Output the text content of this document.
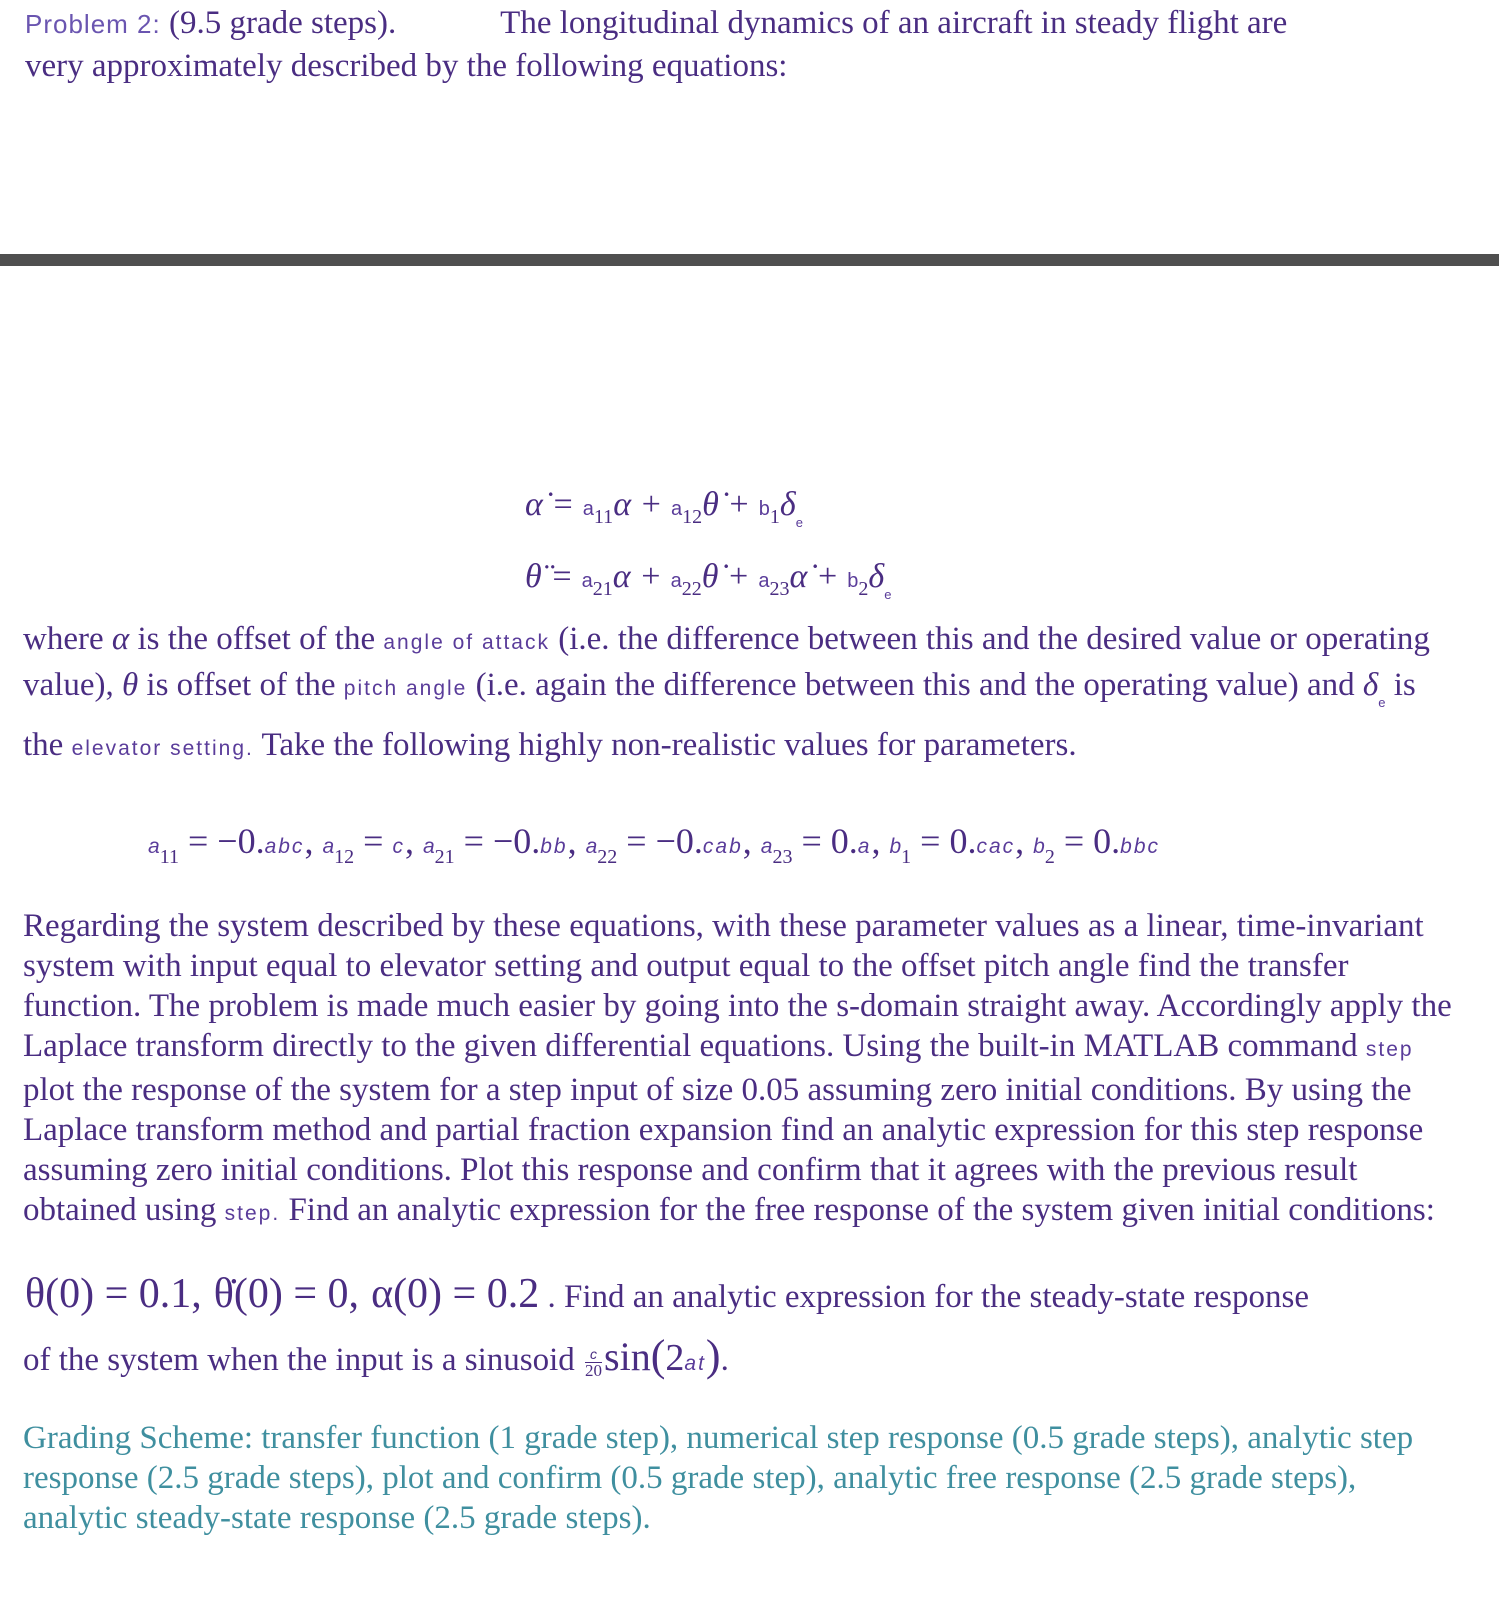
Problem 2: (9.5 grade steps).	The longitudinal dynamics of an aircraft in steady flight are
very approximately described by the following equations:
α̇ = $a_{11}\alpha$ + $a_{12}\thetȧ + b_1\delta_e$
θ̈ = $a_{21}\alpha$ + $a_{22}\thetȧ$ + $a_{23}\alphȧ + b_2\delta_e$
where α is the offset of the angle of attack (i.e. the difference between this and the desired value or operating value), θ is offset of the pitch angle (i.e. again the difference between this and the operating value) and $\delta_e$ is the elevator setting. Take the following highly non-realistic values for parameters.
$a_{11} = -0.abc$, $a_{12} = c$, $a_{21} = -0.bb$, $a_{22} = -0.cab$, $a_{23} = 0.a$, $b_1 = 0.cac$, $b_2 = 0.bbc$
Regarding the system described by these equations, with these parameter values as a linear, time-invariant system with input equal to elevator setting and output equal to the offset pitch angle find the transfer function. The problem is made much easier by going into the s-domain straight away. Accordingly apply the Laplace transform directly to the given differential equations. Using the built-in MATLAB command step plot the response of the system for a step input of size 0.05 assuming zero initial conditions. By using the Laplace transform method and partial fraction expansion find an analytic expression for this step response assuming zero initial conditions. Plot this response and confirm that it agrees with the previous result obtained using step. Find an analytic expression for the free response of the system given initial conditions:
θ(0) = 0.1, θ̇(0) = 0, α(0) = 0.2 . Find an analytic expression for the steady-state response
of the system when the input is a sinusoid $\frac{c}{20} \sin(2at)$.
Grading Scheme: transfer function (1 grade step), numerical step response (0.5 grade steps), analytic step response (2.5 grade steps), plot and confirm (0.5 grade step), analytic free response (2.5 grade steps), analytic steady-state response (2.5 grade steps).
